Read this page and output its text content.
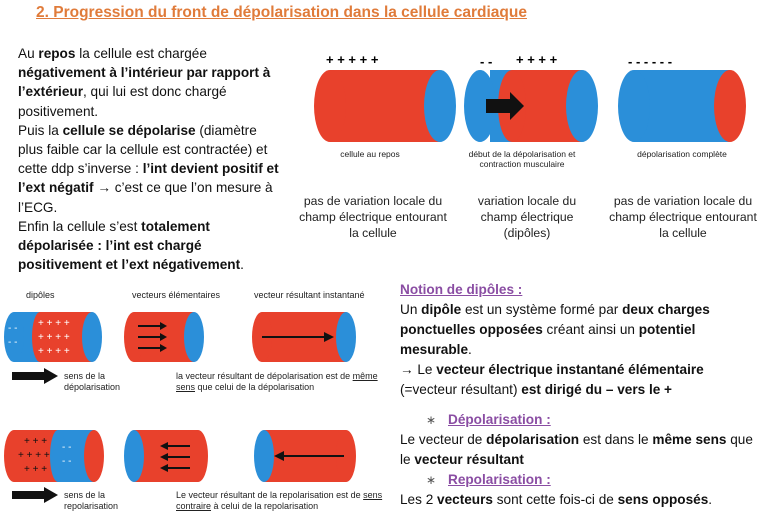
2. Progression du front de dépolarisation dans la cellule cardiaque
Au repos la cellule est chargée négativement à l’intérieur par rapport à l’extérieur, qui lui est donc chargé positivement.
Puis la cellule se dépolarise (diamètre plus faible car la cellule est contractée) et cette ddp s’inverse : l’int devient positif et l’ext négatif → c’est ce que l’on mesure à l’ECG.
Enfin la cellule s’est totalement dépolarisée : l’int est chargé positivement et l’ext négativement.
+ + + + +	- - + + + +	- - - - - -
cellule au repos	début de la dépolarisation et contraction musculaire
dépolarisation complète
pas de variation locale du champ électrique entourant la cellule
variation locale du champ électrique (dipôles)
pas de variation locale du champ électrique entourant la cellule
dipôles	vecteurs élémentaires	vecteur résultant instantané
- -
- -
+ + + +
+ + + +
+ + + +
sens de la dépolarisation
la vecteur résultant de dépolarisation est de même sens que celui de la dépolarisation
+ + +
+ + + +
+ + +
- -
- -
sens de la repolarisation
Le vecteur résultant de la repolarisation est de sens contraire à celui de la repolarisation
Notion de dipôles :
Un dipôle est un système formé par deux charges ponctuelles opposées créant ainsi un potentiel mesurable.
→ Le vecteur électrique instantané élémentaire (=vecteur résultant) est dirigé du – vers le +
∗ Dépolarisation :
Le vecteur de dépolarisation est dans le même sens que le vecteur résultant
∗ Repolarisation :
Les 2 vecteurs sont cette fois-ci de sens opposés.
